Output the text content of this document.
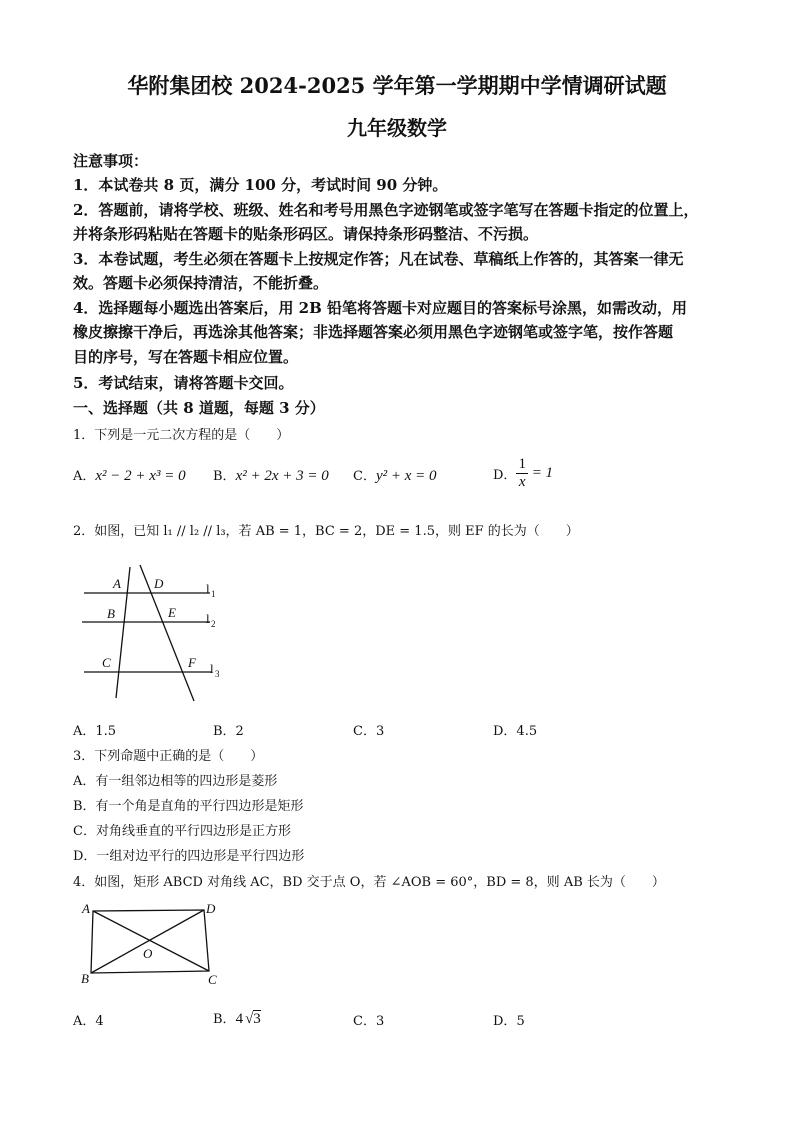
华附集团校 2024-2025 学年第一学期期中学情调研试题
九年级数学
注意事项：
1．本试卷共 8 页，满分 100 分，考试时间 90 分钟。
2．答题前，请将学校、班级、姓名和考号用黑色字迹钢笔或签字笔写在答题卡指定的位置上，
并将条形码粘贴在答题卡的贴条形码区。请保持条形码整洁、不污损。
3．本卷试题，考生必须在答题卡上按规定作答；凡在试卷、草稿纸上作答的，其答案一律无
效。答题卡必须保持清洁，不能折叠。
4．选择题每小题选出答案后，用 2B 铅笔将答题卡对应题目的答案标号涂黑，如需改动，用
橡皮擦擦干净后，再选涂其他答案；非选择题答案必须用黑色字迹钢笔或签字笔，按作答题
目的序号，写在答题卡相应位置。
5．考试结束，请将答题卡交回。
一、选择题（共 8 道题，每题 3 分）
1．下列是一元二次方程的是（　　）
A．x² − 2 + x³ = 0 B．x² + 2x + 3 = 0 C．y² + x = 0	D． $\frac{1}{x} = 1$
2．如图，已知 l₁ // l₂ // l₃，若 AB = 1，BC = 2，DE = 1.5，则 EF 的长为（　　）
A	D
B	E
C	F
l 1
l 2
l 3
A．1.5	B．2	C．3	D．4.5
3．下列命题中正确的是（　　）
A．有一组邻边相等的四边形是菱形
B．有一个角是直角的平行四边形是矩形
C．对角线垂直的平行四边形是正方形
D．一组对边平行的四边形是平行四边形
4．如图，矩形 ABCD 对角线 AC，BD 交于点 O，若 ∠AOB = 60°，BD = 8，则 AB 长为（　　）
A	D
B	C
O
A．4	B．4 √3	C．3	D．5
